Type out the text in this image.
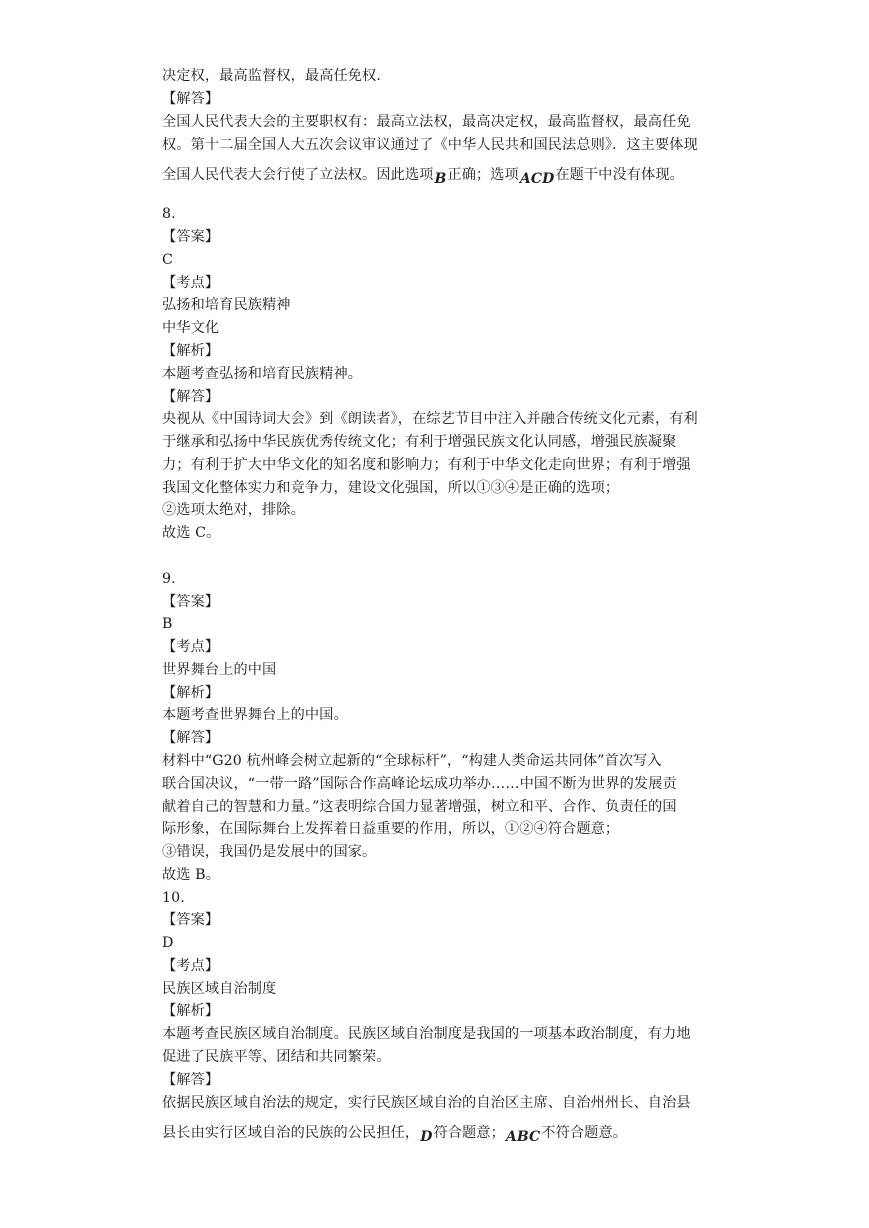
决定权，最高监督权，最高任免权．
【解答】
全国人民代表大会的主要职权有：最高立法权，最高决定权，最高监督权，最高任免
权。第十二届全国人大五次会议审议通过了《中华人民共和国民法总则》．这主要体现
全国人民代表大会行使了立法权。因此选项B正确；选项ACD在题干中没有体现。
8.
【答案】
C
【考点】
弘扬和培育民族精神
中华文化
【解析】
本题考查弘扬和培育民族精神。
【解答】
央视从《中国诗词大会》到《朗读者》，在综艺节目中注入并融合传统文化元素，有利
于继承和弘扬中华民族优秀传统文化；有利于增强民族文化认同感，增强民族凝聚
力；有利于扩大中华文化的知名度和影响力；有利于中华文化走向世界；有利于增强
我国文化整体实力和竞争力，建设文化强国，所以①③④是正确的选项；
②选项太绝对，排除。
故选 C。
9.
【答案】
B
【考点】
世界舞台上的中国
【解析】
本题考查世界舞台上的中国。
【解答】
材料中“G20 杭州峰会树立起新的“全球标杆”，“构建人类命运共同体”首次写入
联合国决议，“一带一路”国际合作高峰论坛成功举办……中国不断为世界的发展贡
献着自己的智慧和力量。”这表明综合国力显著增强，树立和平、合作、负责任的国
际形象，在国际舞台上发挥着日益重要的作用，所以，①②④符合题意；
③错误，我国仍是发展中的国家。
故选 B。
10.
【答案】
D
【考点】
民族区域自治制度
【解析】
本题考查民族区域自治制度。民族区域自治制度是我国的一项基本政治制度，有力地
促进了民族平等、团结和共同繁荣。
【解答】
依据民族区域自治法的规定，实行民族区域自治的自治区主席、自治州州长、自治县
县长由实行区域自治的民族的公民担任，D符合题意；ABC不符合题意。
